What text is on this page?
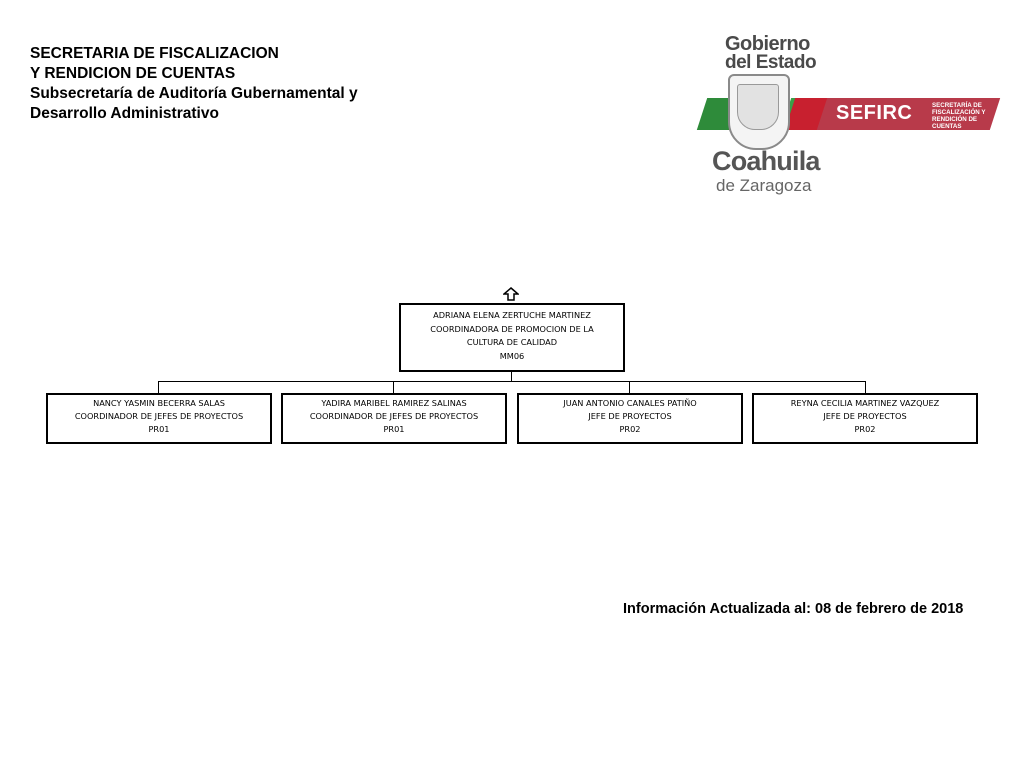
SECRETARIA DE FISCALIZACION
Y RENDICION DE CUENTAS
Subsecretaría de Auditoría Gubernamental y
Desarrollo Administrativo
Gobierno
del Estado
SEFIRC	SECRETARÍA DE FISCALIZACIÓN Y RENDICIÓN DE CUENTAS
Coahuila
de Zaragoza
ADRIANA ELENA ZERTUCHE MARTINEZ
COORDINADORA DE PROMOCION DE LA
CULTURA DE CALIDAD
MM06
NANCY YASMIN BECERRA SALAS
COORDINADOR DE JEFES DE PROYECTOS
PR01
YADIRA MARIBEL RAMIREZ SALINAS
COORDINADOR DE JEFES DE PROYECTOS
PR01
JUAN ANTONIO CANALES PATIÑO
JEFE DE PROYECTOS
PR02
REYNA CECILIA MARTINEZ VAZQUEZ
JEFE DE PROYECTOS
PR02
Información Actualizada al: 08 de febrero de 2018
